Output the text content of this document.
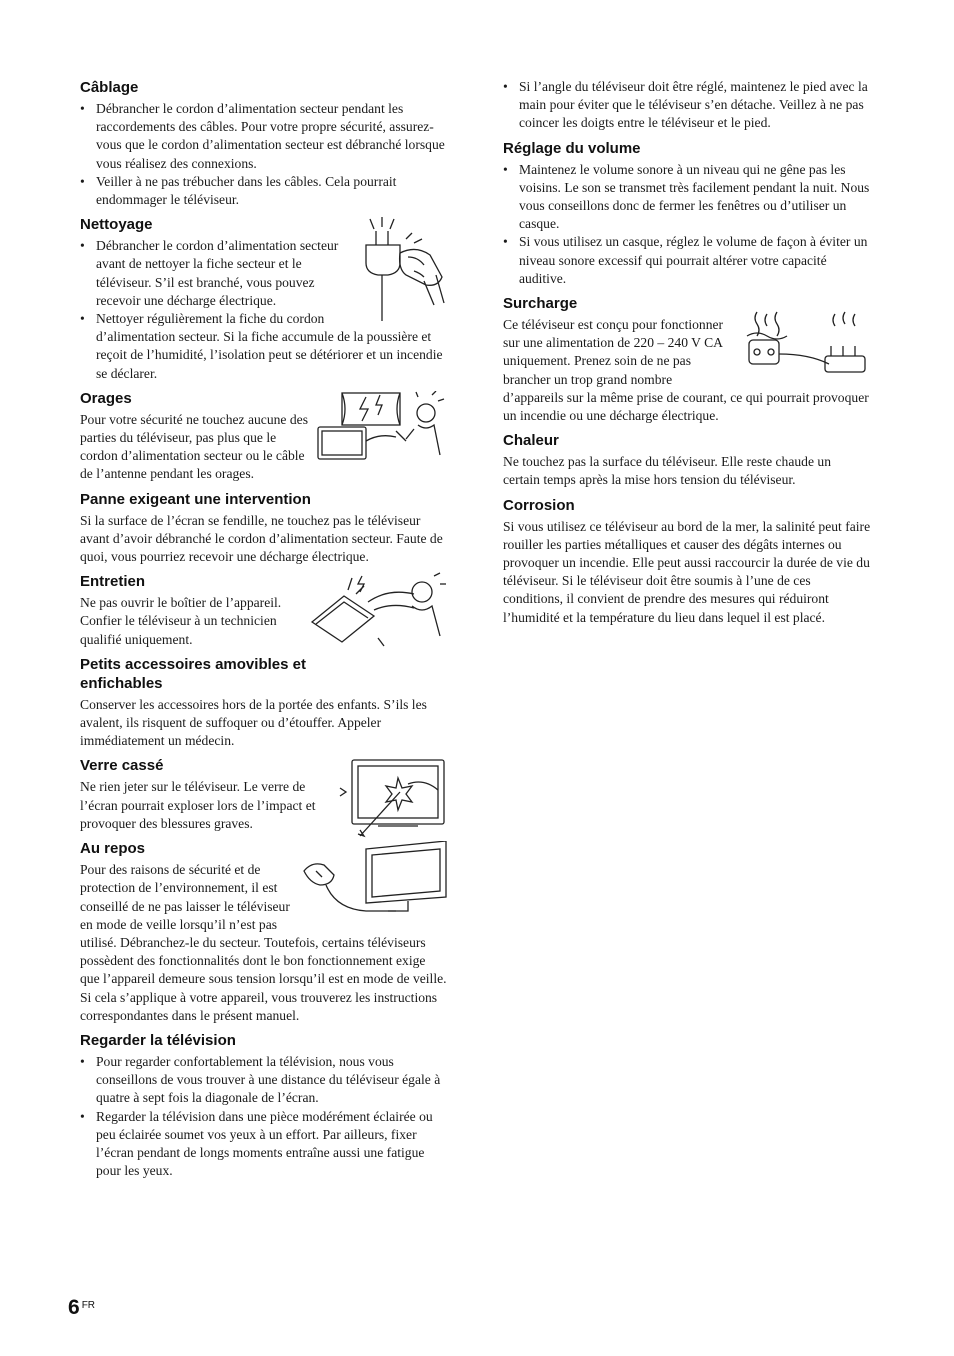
Câblage
• Débrancher le cordon d’alimentation secteur pendant les raccordements des câbles. Pour votre propre sécurité, assurez-vous que le cordon d’alimentation secteur est débranché lorsque vous réalisez des connexions.
• Veiller à ne pas trébucher dans les câbles. Cela pourrait endommager le téléviseur.
Nettoyage
• Débrancher le cordon d’alimentation secteur avant de nettoyer la fiche secteur et le téléviseur. S’il est branché, vous pouvez recevoir une décharge électrique.
• Nettoyer régulièrement la fiche du cordon d’alimentation secteur. Si la fiche accumule de la poussière et reçoit de l’humidité, l’isolation peut se détériorer et un incendie se déclarer.
Orages

Pour votre sécurité ne touchez aucune des parties du téléviseur, pas plus que le cordon d’alimentation secteur ou le câble de l’antenne pendant les orages.

Panne exigeant une intervention

Si la surface de l’écran se fendille, ne touchez pas le téléviseur avant d’avoir débranché le cordon d’alimentation secteur. Faute de quoi, vous pourriez recevoir une décharge électrique.

Entretien

Ne pas ouvrir le boîtier de l’appareil. Confier le téléviseur à un technicien qualifié uniquement.

Petits accessoires amovibles et enfichables

Conserver les accessoires hors de la portée des enfants. S’ils les avalent, ils risquent de suffoquer ou d’étouffer. Appeler immédiatement un médecin.

Verre cassé

Ne rien jeter sur le téléviseur. Le verre de l’écran pourrait exploser lors de l’impact et provoquer des blessures graves.

Au repos

Pour des raisons de sécurité et de protection de l’environnement, il est conseillé de ne pas laisser le téléviseur en mode de veille lorsqu’il n’est pas utilisé. Débranchez-le du secteur. Toutefois, certains téléviseurs possèdent des fonctionnalités dont le bon fonctionnement exige que l’appareil demeure sous tension lorsqu’il est en mode de veille. Si cela s’applique à votre appareil, vous trouverez les instructions correspondantes dans le présent manuel.

Regarder la télévision
• Pour regarder confortablement la télévision, nous vous conseillons de vous trouver à une distance du téléviseur égale à quatre à sept fois la diagonale de l’écran.
• Regarder la télévision dans une pièce modérément éclairée ou peu éclairée soumet vos yeux à un effort. Par ailleurs, fixer l’écran pendant de longs moments entraîne aussi une fatigue pour les yeux.
• Si l’angle du téléviseur doit être réglé, maintenez le pied avec la main pour éviter que le téléviseur s’en détache. Veillez à ne pas coincer les doigts entre le téléviseur et le pied.
Réglage du volume
• Maintenez le volume sonore à un niveau qui ne gêne pas les voisins. Le son se transmet très facilement pendant la nuit. Nous vous conseillons donc de fermer les fenêtres ou d’utiliser un casque.
• Si vous utilisez un casque, réglez le volume de façon à éviter un niveau sonore excessif qui pourrait altérer votre capacité auditive.
Surcharge

Ce téléviseur est conçu pour fonctionner sur une alimentation de 220 – 240 V CA uniquement. Prenez soin de ne pas brancher un trop grand nombre d’appareils sur la même prise de courant, ce qui pourrait provoquer un incendie ou une décharge électrique.

Chaleur

Ne touchez pas la surface du téléviseur. Elle reste chaude un certain temps après la mise hors tension du téléviseur.

Corrosion

Si vous utilisez ce téléviseur au bord de la mer, la salinité peut faire rouiller les parties métalliques et causer des dégâts internes ou provoquer un incendie. Elle peut aussi raccourcir la durée de vie du téléviseur. Si le téléviseur doit être soumis à l’une de ces conditions, il convient de prendre des mesures qui réduiront l’humidité et la température du lieu dans lequel il est placé.

6 $^{FR}$
